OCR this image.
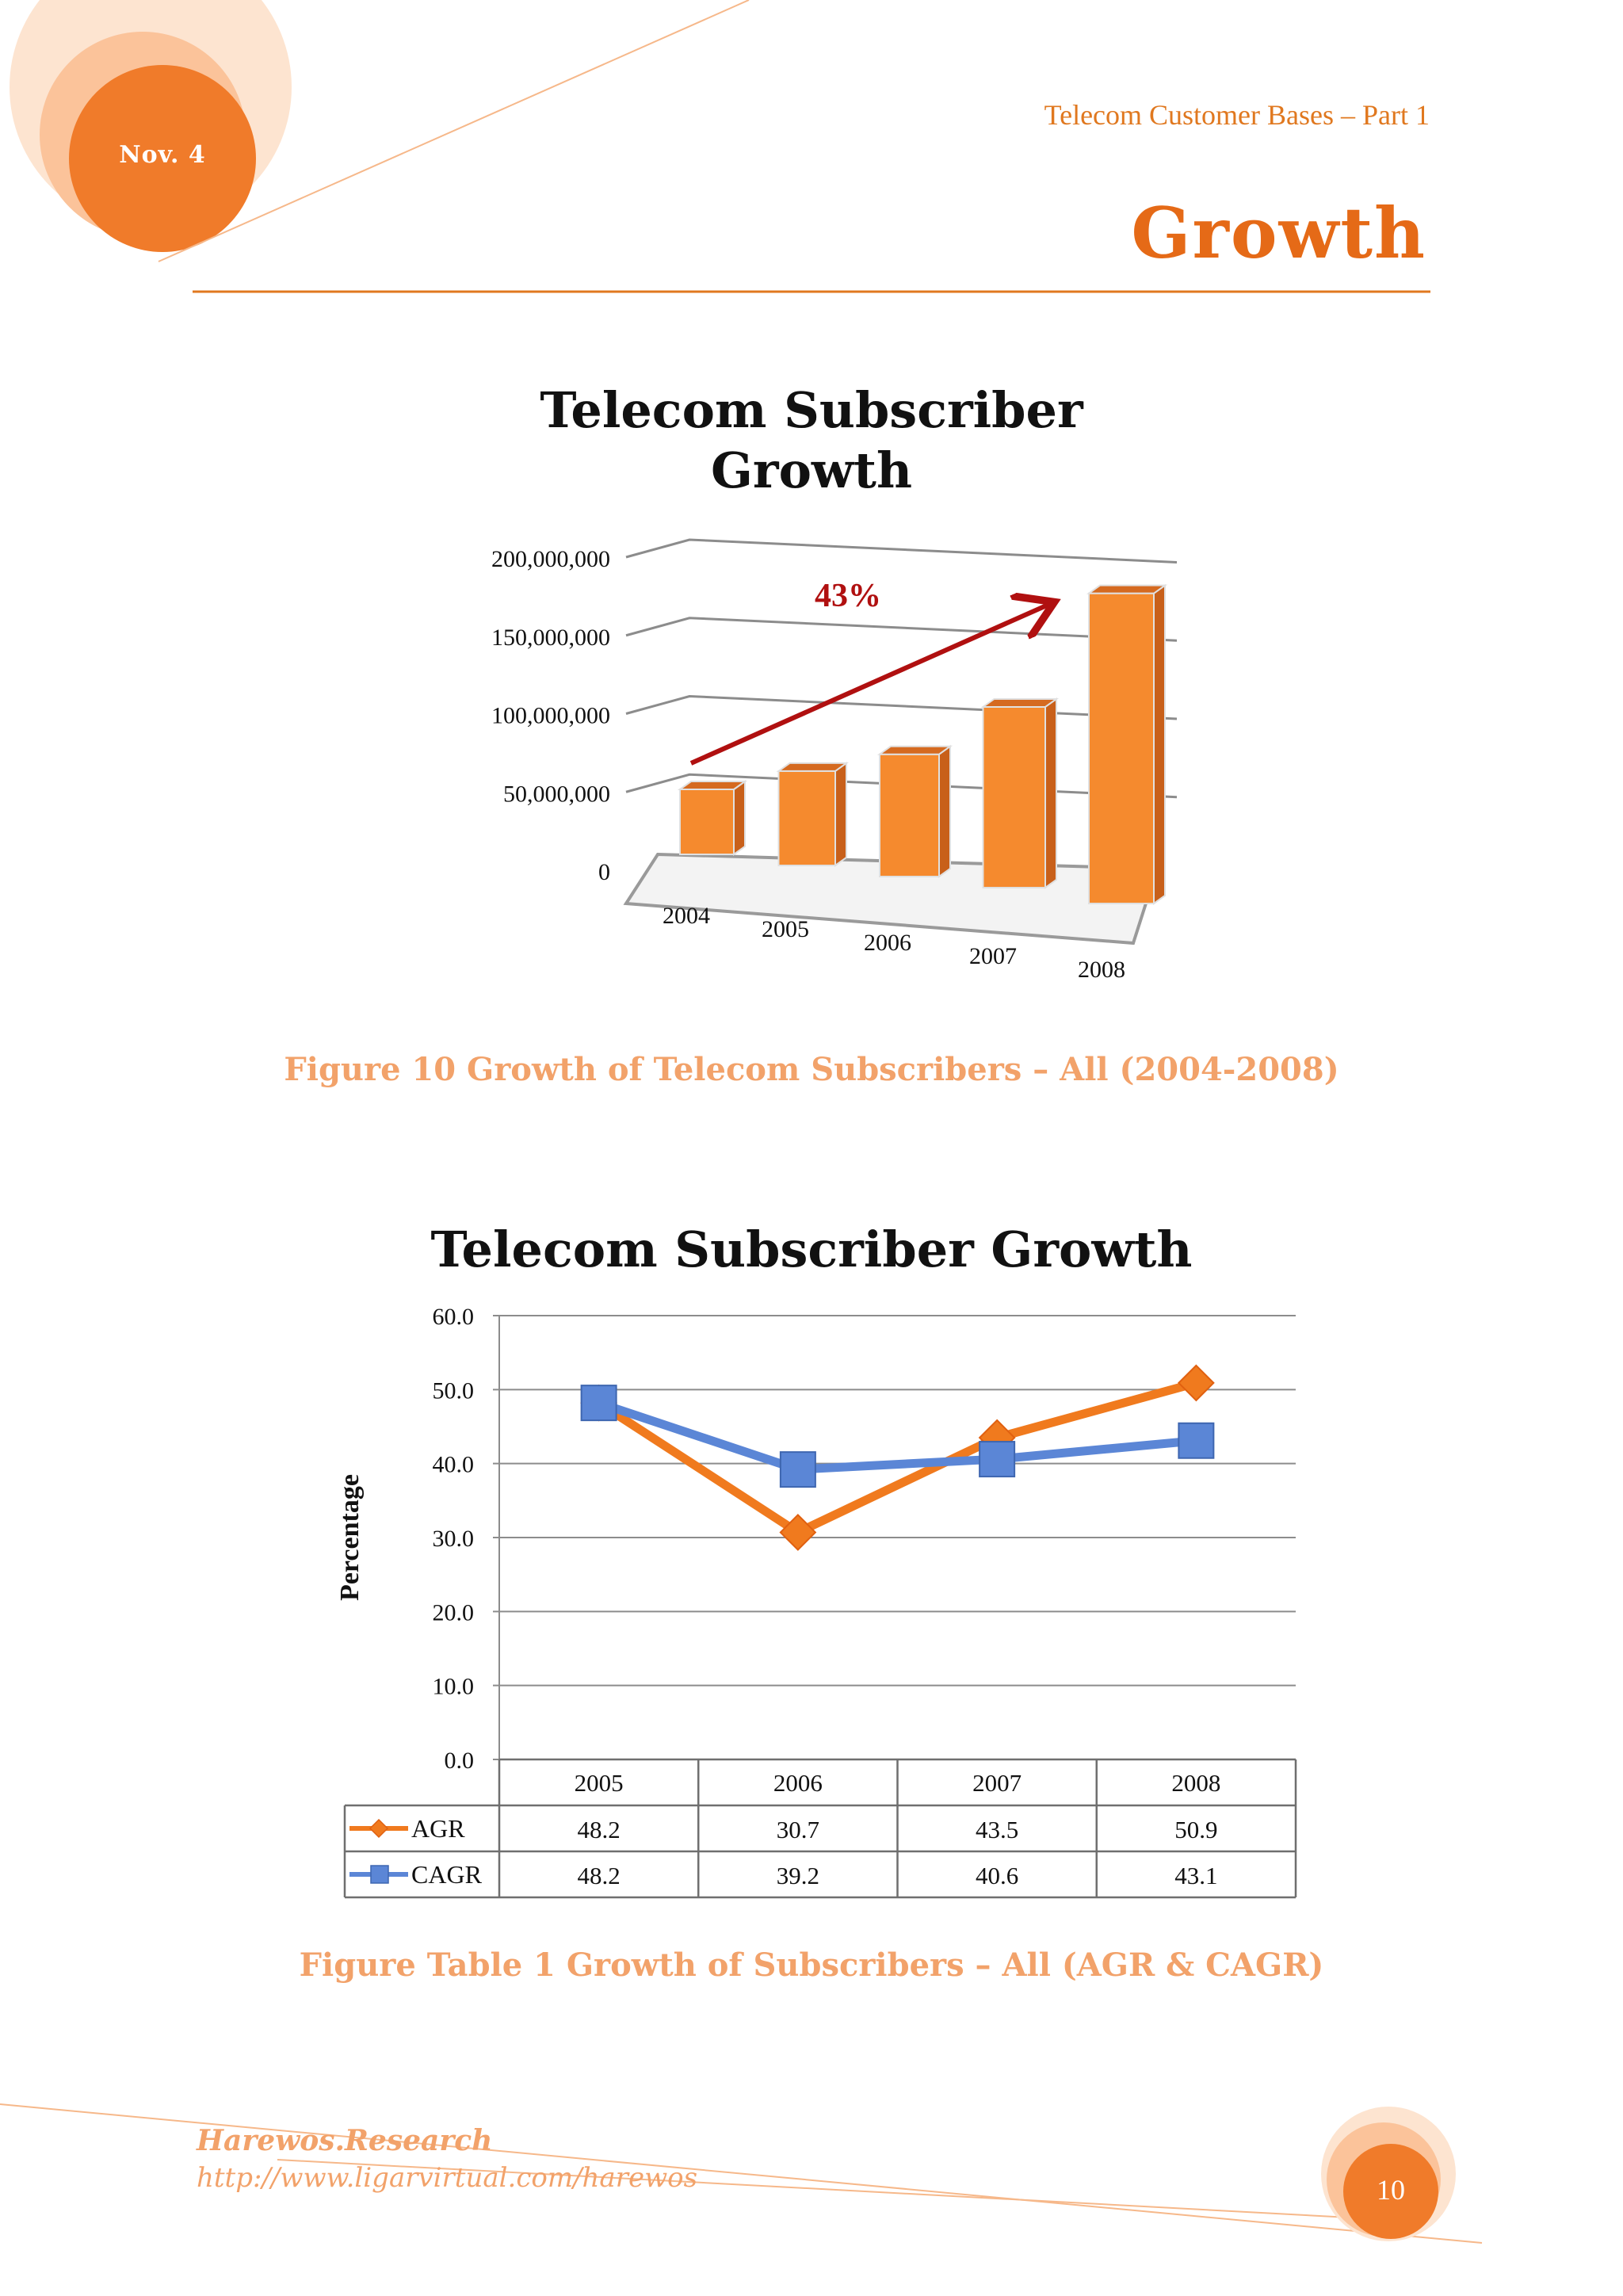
Nov. 4
Telecom Customer Bases – Part 1
Growth
Telecom Subscriber
Growth
0
50,000,000
100,000,000
150,000,000
200,000,000
2004
2005
2006
2007
2008
43%
Figure 10 Growth of Telecom Subscribers – All (2004-2008)
Telecom Subscriber Growth
0.0
10.0
20.0
30.0
40.0
50.0
60.0
Percentage
2005	2006	2007	2008
AGR	48.2	30.7	43.5	50.9
CAGR	48.2	39.2	40.6	43.1
Figure Table 1 Growth of Subscribers – All (AGR & CAGR)
Harewos.Research
http://www.ligarvirtual.com/harewos	10
